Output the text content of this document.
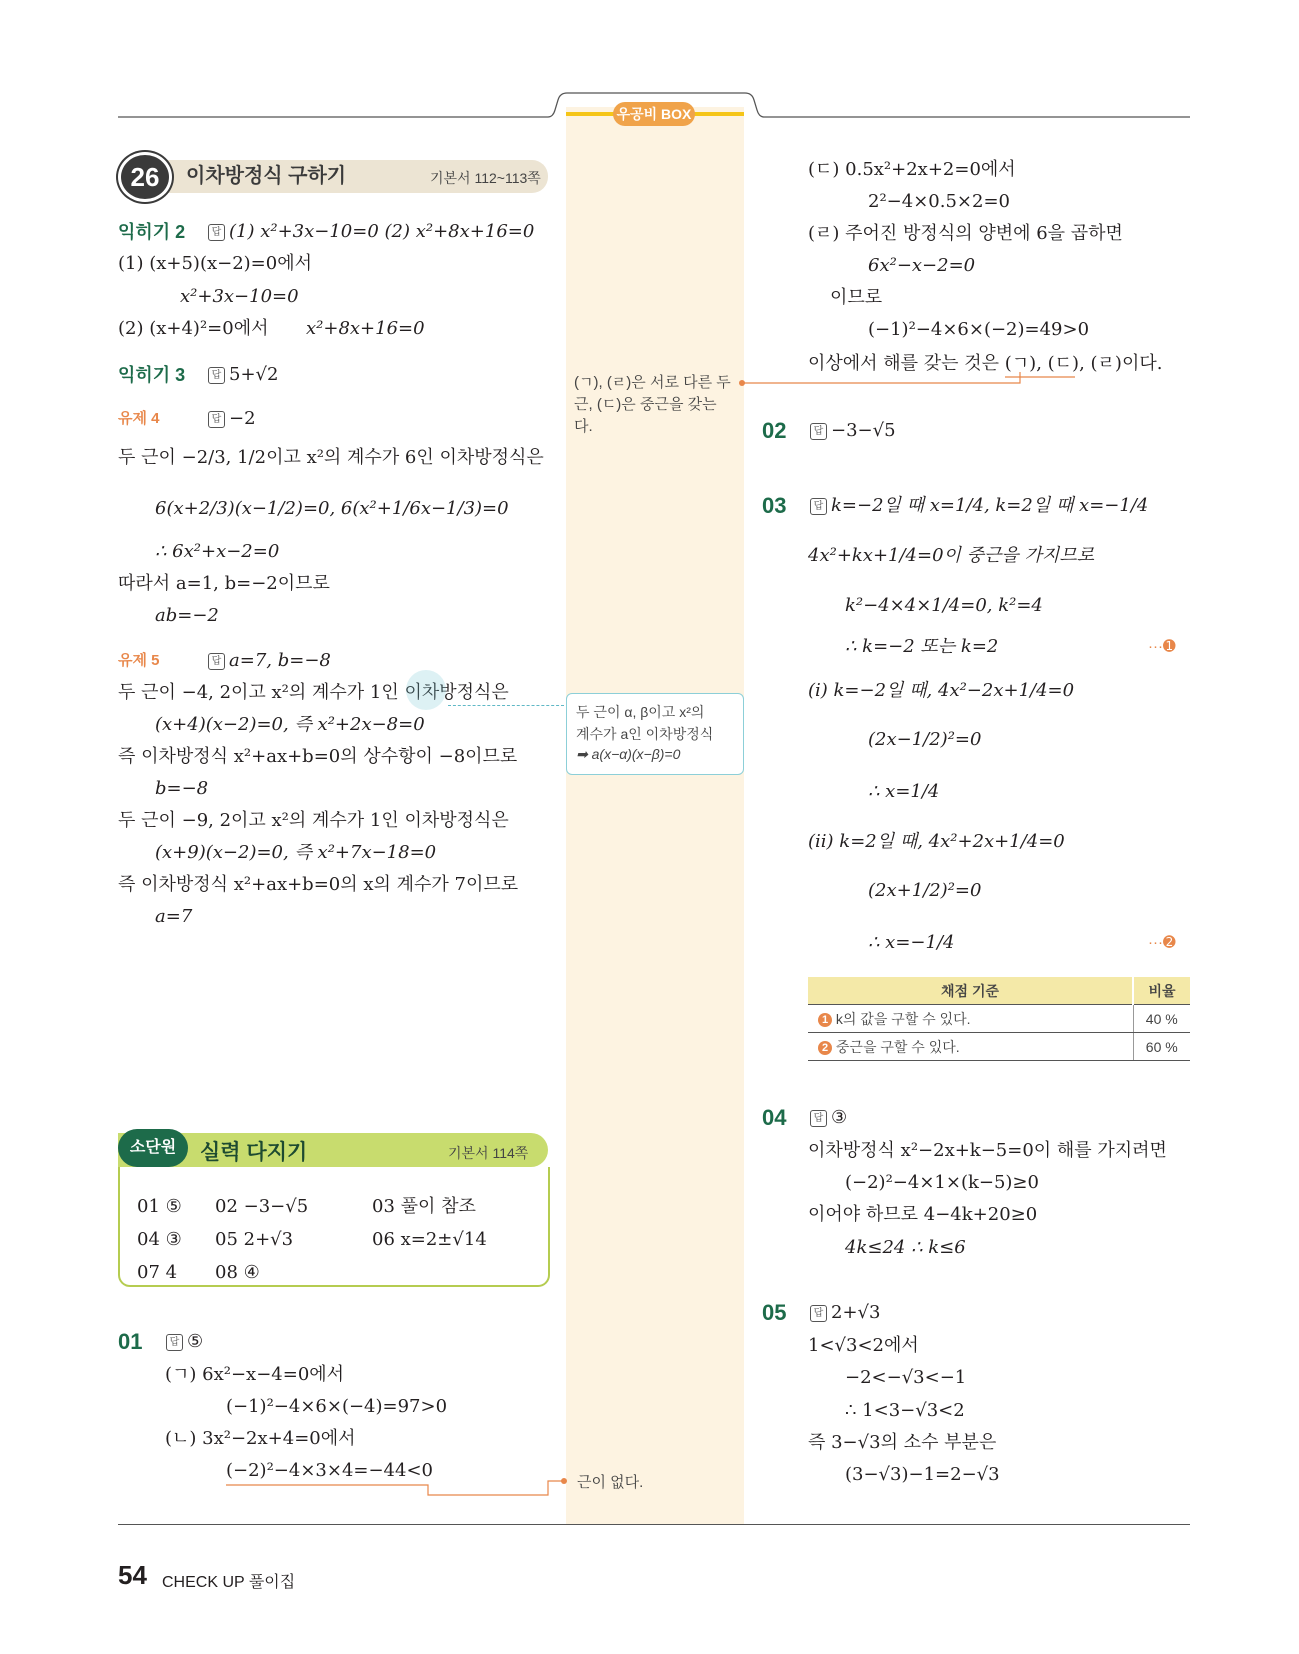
우공비 BOX
26	이차방정식 구하기	기본서 112~113쪽
익히기 2	답 (1) x²+3x−10=0 (2) x²+8x+16=0
(1) (x+5)(x−2)=0에서
x²+3x−10=0
(2) (x+4)²=0에서 x²+8x+16=0
익히기 3	답 5+√2
유제 4	답 −2
두 근이 −2/3, 1/2이고 x²의 계수가 6인 이차방정식은
6(x+2/3)(x−1/2)=0, 6(x²+1/6x−1/3)=0
∴ 6x²+x−2=0
따라서 a=1, b=−2이므로
ab=−2
유제 5	답 a=7, b=−8
두 근이 −4, 2이고 x²의 계수가 1인 이차방정식은
(x+4)(x−2)=0, 즉 x²+2x−8=0
즉 이차방정식 x²+ax+b=0의 상수항이 −8이므로
b=−8
두 근이 −9, 2이고 x²의 계수가 1인 이차방정식은
(x+9)(x−2)=0, 즉 x²+7x−18=0
즉 이차방정식 x²+ax+b=0의 x의 계수가 7이므로
a=7
소단원	실력 다지기	기본서 114쪽
01 ⑤ 02 −3−√5	03 풀이 참조
04 ③ 05 2+√3	06 x=2±√14
07 4 08 ④
01	답 ⑤
(ㄱ) 6x²−x−4=0에서
(−1)²−4×6×(−4)=97>0
(ㄴ) 3x²−2x+4=0에서
(−2)²−4×3×4=−44<0
(ㄱ), (ㄹ)은 서로 다른 두 근, (ㄷ)은 중근을 갖는다.
두 근이 α, β이고 x²의
계수가 a인 이차방정식
➡ a(x−α)(x−β)=0
근이 없다.
(ㄷ) 0.5x²+2x+2=0에서
2²−4×0.5×2=0
(ㄹ) 주어진 방정식의 양변에 6을 곱하면
6x²−x−2=0
이므로
(−1)²−4×6×(−2)=49>0
이상에서 해를 갖는 것은 (ㄱ), (ㄷ), (ㄹ)이다.
02	답 −3−√5
03	답 k=−2일 때 x=1/4, k=2일 때 x=−1/4
4x²+kx+1/4=0이 중근을 가지므로
k²−4×4×1/4=0, k²=4
∴ k=−2 또는 k=2	···➊
(ⅰ) k=−2일 때, 4x²−2x+1/4=0
(2x−1/2)²=0
∴ x=1/4
(ⅱ) k=2일 때, 4x²+2x+1/4=0
(2x+1/2)²=0
∴ x=−1/4	···➋
채점 기준	비율
1 k의 값을 구할 수 있다.	40 %
2 중근을 구할 수 있다.	60 %
04	답 ③
이차방정식 x²−2x+k−5=0이 해를 가지려면
(−2)²−4×1×(k−5)≥0
이어야 하므로 4−4k+20≥0
4k≤24 ∴ k≤6
05	답 2+√3
1<√3<2에서
−2<−√3<−1
∴ 1<3−√3<2
즉 3−√3의 소수 부분은
(3−√3)−1=2−√3
54 CHECK UP 풀이집
